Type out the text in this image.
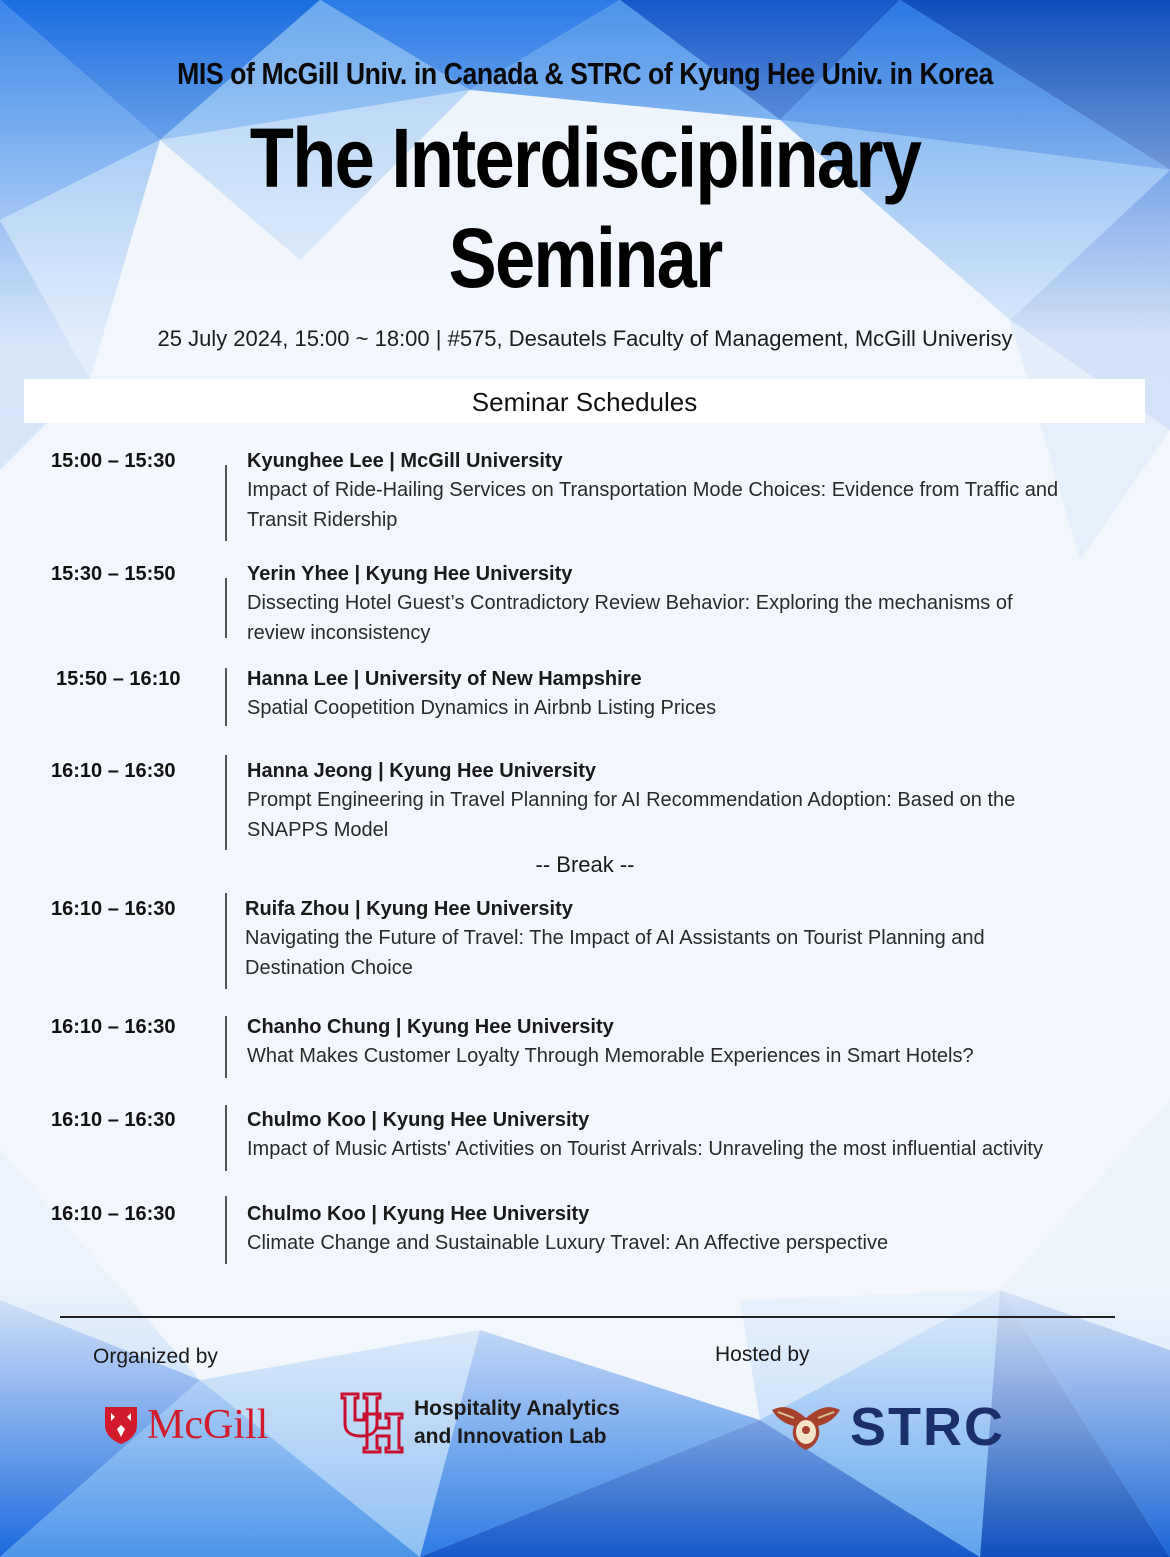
MIS of McGill Univ. in Canada & STRC of Kyung Hee Univ. in Korea
The Interdisciplinary
Seminar
25 July 2024, 15:00 ~ 18:00 | #575, Desautels Faculty of Management, McGill Univerisy
Seminar Schedules
15:00 – 15:30	Kyunghee Lee | McGill University
Impact of Ride-Hailing Services on Transportation Mode Choices: Evidence from Traffic and
Transit Ridership
15:30 – 15:50	Yerin Yhee | Kyung Hee University
Dissecting Hotel Guest’s Contradictory Review Behavior: Exploring the mechanisms of
review inconsistency
15:50 – 16:10	Hanna Lee | University of New Hampshire
Spatial Coopetition Dynamics in Airbnb Listing Prices
16:10 – 16:30	Hanna Jeong | Kyung Hee University
Prompt Engineering in Travel Planning for AI Recommendation Adoption: Based on the
SNAPPS Model
-- Break --
16:10 – 16:30	Ruifa Zhou | Kyung Hee University
Navigating the Future of Travel: The Impact of AI Assistants on Tourist Planning and
Destination Choice
16:10 – 16:30	Chanho Chung | Kyung Hee University
What Makes Customer Loyalty Through Memorable Experiences in Smart Hotels?
16:10 – 16:30	Chulmo Koo | Kyung Hee University
Impact of Music Artists' Activities on Tourist Arrivals: Unraveling the most influential activity
16:10 – 16:30	Chulmo Koo | Kyung Hee University
Climate Change and Sustainable Luxury Travel: An Affective perspective
Organized by	Hosted by
McGill	Hospitality Analytics
and Innovation Lab	STRC
